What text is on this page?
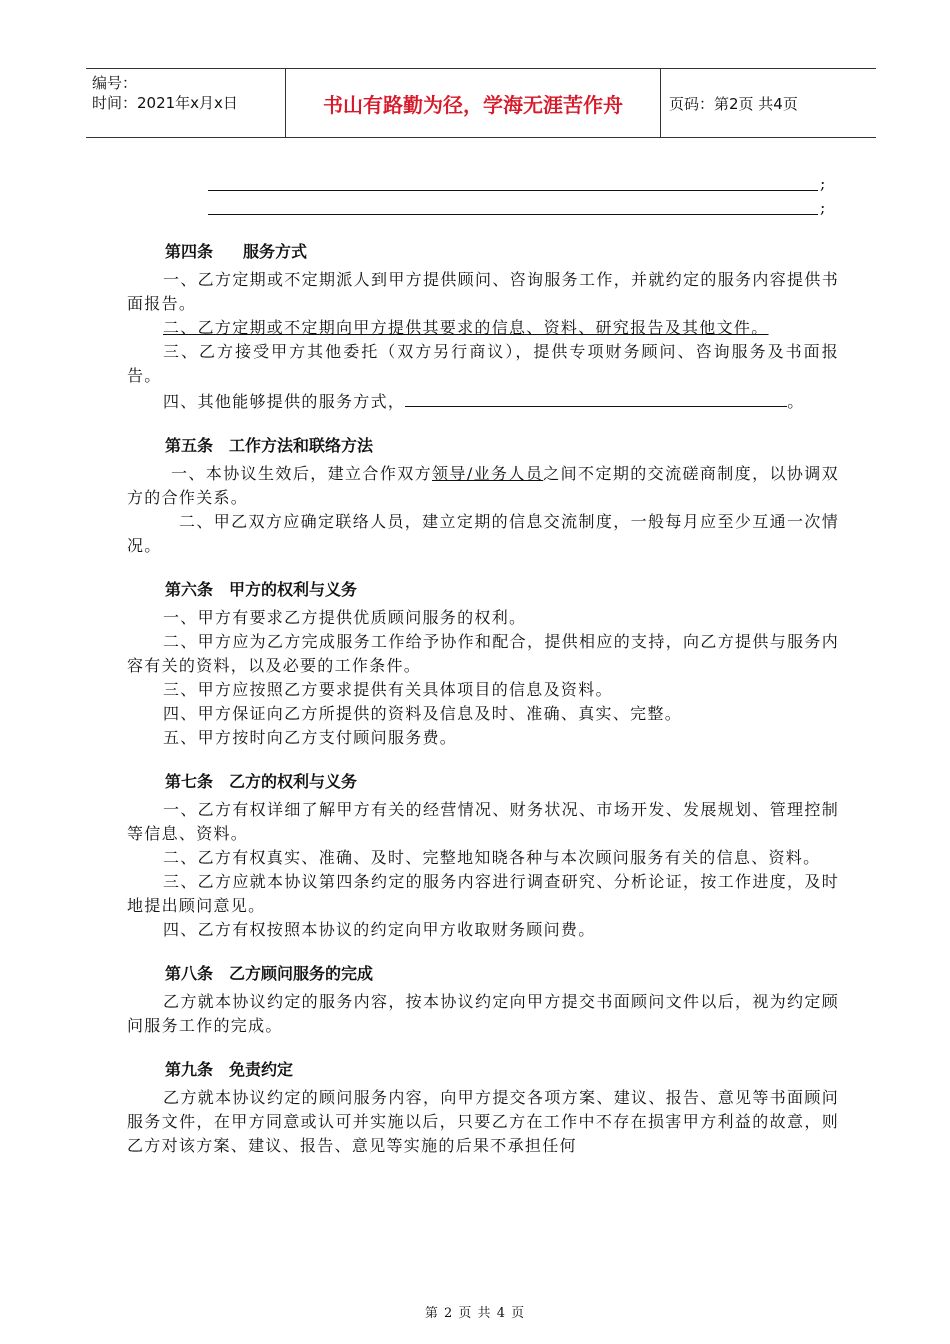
编号：
时间：2021年x月x日	书山有路勤为径，学海无涯苦作舟	页码：第2页 共4页
;
;
第四条 服务方式
一、乙方定期或不定期派人到甲方提供顾问、咨询服务工作，并就约定的服务内容提供书面报告。
二、乙方定期或不定期向甲方提供其要求的信息、资料、研究报告及其他文件。
三、乙方接受甲方其他委托（双方另行商议），提供专项财务顾问、咨询服务及书面报告。
四、其他能够提供的服务方式，	。
第五条 工作方法和联络方法
一、本协议生效后，建立合作双方领导/业务人员之间不定期的交流磋商制度，以协调双方的合作关系。
二、甲乙双方应确定联络人员，建立定期的信息交流制度，一般每月应至少互通一次情况。
第六条 甲方的权利与义务
一、甲方有要求乙方提供优质顾问服务的权利。
二、甲方应为乙方完成服务工作给予协作和配合，提供相应的支持，向乙方提供与服务内容有关的资料，以及必要的工作条件。
三、甲方应按照乙方要求提供有关具体项目的信息及资料。
四、甲方保证向乙方所提供的资料及信息及时、准确、真实、完整。
五、甲方按时向乙方支付顾问服务费。
第七条 乙方的权利与义务
一、乙方有权详细了解甲方有关的经营情况、财务状况、市场开发、发展规划、管理控制等信息、资料。
二、乙方有权真实、准确、及时、完整地知晓各种与本次顾问服务有关的信息、资料。
三、乙方应就本协议第四条约定的服务内容进行调查研究、分析论证，按工作进度，及时地提出顾问意见。
四、乙方有权按照本协议的约定向甲方收取财务顾问费。
第八条 乙方顾问服务的完成
乙方就本协议约定的服务内容，按本协议约定向甲方提交书面顾问文件以后，视为约定顾问服务工作的完成。
第九条 免责约定
乙方就本协议约定的顾问服务内容，向甲方提交各项方案、建议、报告、意见等书面顾问服务文件，在甲方同意或认可并实施以后，只要乙方在工作中不存在损害甲方利益的故意，则乙方对该方案、建议、报告、意见等实施的后果不承担任何
第 2 页 共 4 页
